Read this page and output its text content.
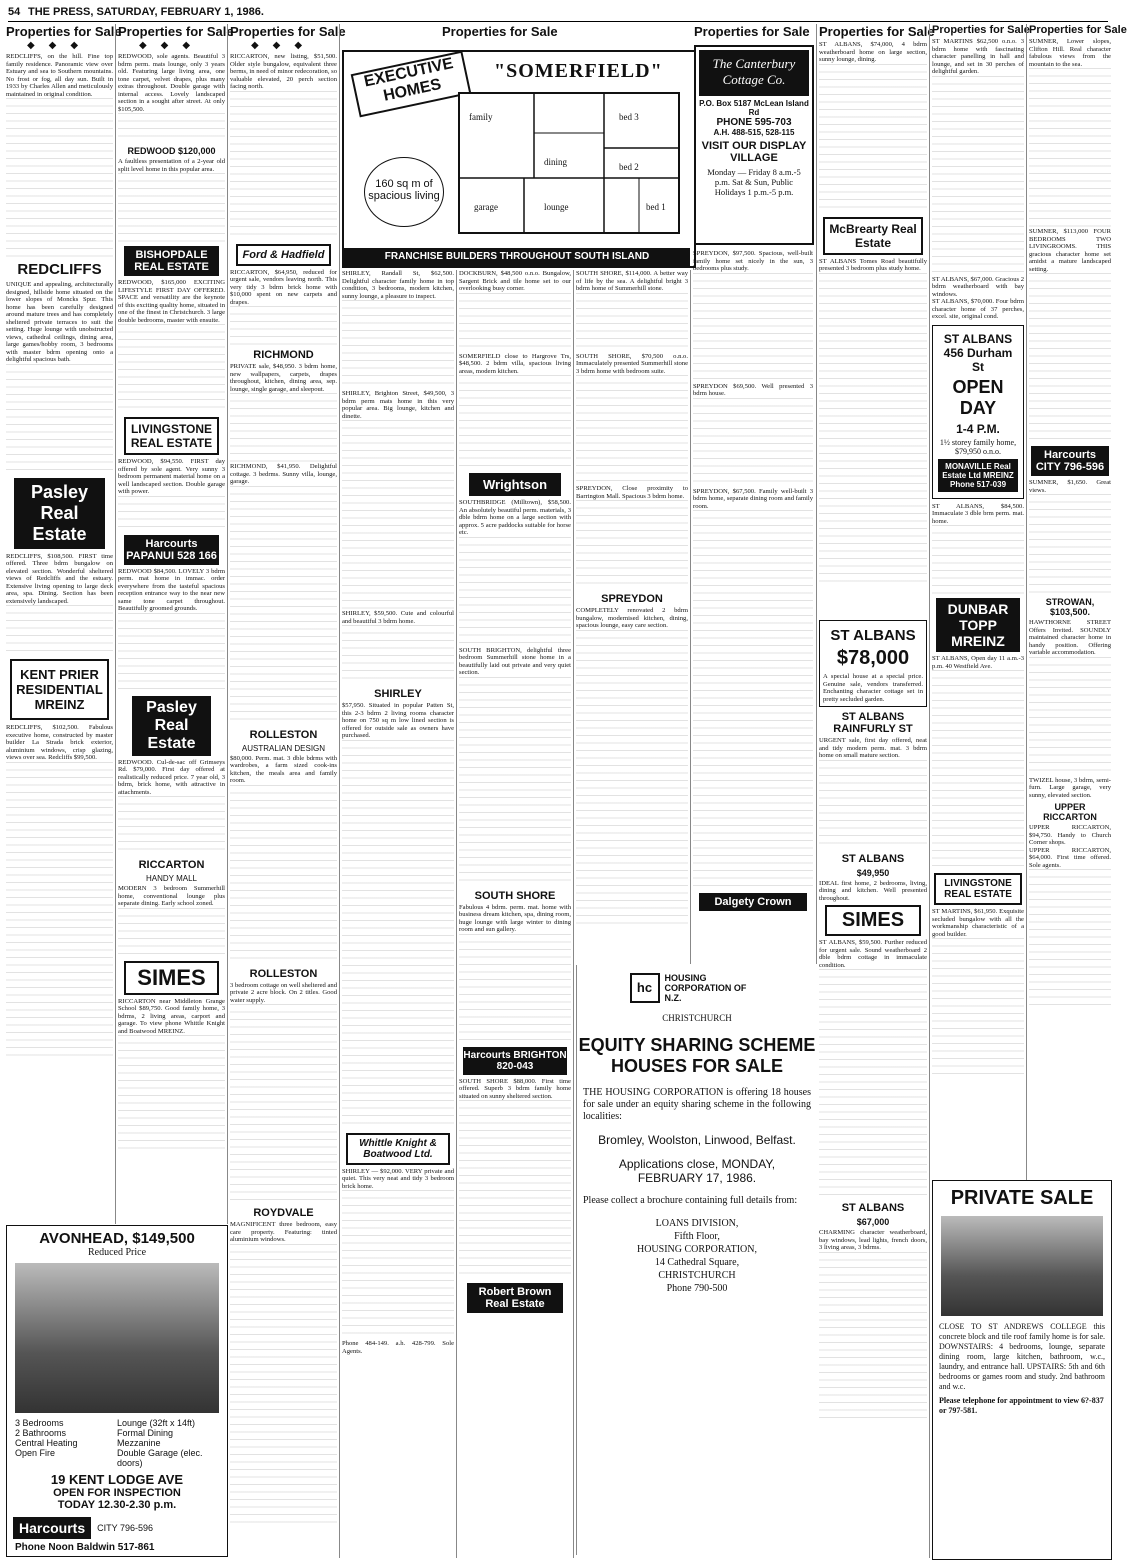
54 THE PRESS, SATURDAY, FEBRUARY 1, 1986.
Properties for Sale
◆◆◆
REDCLIFFS, on the hill. Fine top family residence. Panoramic view over Estuary and sea to Southern mountains. No frost or fog, all day sun. Built in 1933 by Charles Allen and meticulously maintained in original condition.
REDCLIFFS
UNIQUE and appealing, architecturally designed, hillside home situated on the lower slopes of Moncks Spur. This home has been carefully designed around mature trees and has completely sheltered private terraces to suit the setting. Huge lounge with unobstructed views, cathedral ceilings, dining area, large games/hobby room, 3 bedrooms with master bdrm opening onto a delightful spacious bath.
Pasley Real Estate
REDCLIFFS, $108,500. FIRST time offered. Three bdrm bungalow on elevated section. Wonderful sheltered views of Redcliffs and the estuary. Extensive living opening to large deck area, spa. Dining. Section has been extensively landscaped.
KENT PRIER RESIDENTIAL MREINZ
REDCLIFFS, $102,500. Fabulous executive home, constructed by master builder La Strada brick exterior, aluminium windows, crisp glazing, views over sea. Redcliffs $99,500.
AVONHEAD, $149,500
Reduced Price
3 Bedrooms
2 Bathrooms
Central Heating
Open Fire
Lounge (32ft x 14ft)
Formal Dining
Mezzanine
Double Garage (elec. doors)
19 KENT LODGE AVE
OPEN FOR INSPECTION
TODAY 12.30-2.30 p.m.
Harcourts	CITY 796-596
Phone Noon Baldwin 517-861
Properties for Sale
◆◆◆
REDWOOD, sole agents. Beautiful 3 bdrm perm. mats lounge, only 3 years old. Featuring large living area, one tone carpet, velvet drapes, plus many extras throughout. Double garage with internal access. Lovely landscaped section in a sought after street. At only $105,500.
REDWOOD $120,000
A faultless presentation of a 2-year old split level home in this popular area.
BISHOPDALE REAL ESTATE
REDWOOD, $165,000 EXCITING LIFESTYLE FIRST DAY OFFERED. SPACE and versatility are the keynote of this exciting quality home, situated in one of the finest in Christchurch. 3 large double bedrooms, master with ensuite.
LIVINGSTONE REAL ESTATE
REDWOOD, $94,550. FIRST day offered by sole agent. Very sunny 3 bedroom permanent material home on a well landscaped section. Double garage with power.
Harcourts PAPANUI 528 166
REDWOOD $84,500. LOVELY 3 bdrm perm. mat home in immac. order everywhere from the tasteful spacious reception entrance way to the near new same tone carpet throughout. Beautifully groomed grounds.
Pasley Real Estate
REDWOOD. Cul-de-sac off Grimseys Rd. $79,000. First day offered at realistically reduced price. 7 year old, 3 bdrm, brick home, with attractive in attachments.
RICCARTON
HANDY MALL
MODERN 3 bedroom Summerhill home, conventional lounge plus separate dining. Early school zoned.
SIMES
RICCARTON near Middleton Grange School $89,750. Good family home, 3 bdrms, 2 living areas, carport and garage. To view phone Whittle Knight and Boatwood MREINZ.
Properties for Sale
◆◆◆
RICCARTON, new listing, $51,500. Older style bungalow, equivalent three berms, in need of minor redecoration, so valuable elevated, 20 perch section facing north.
Ford & Hadfield
RICCARTON, $64,950, reduced for urgent sale, vendors leaving north. This very tidy 3 bdrm brick home with $10,000 spent on new carpets and drapes.
RICHMOND
PRIVATE sale, $48,950. 3 bdrm home, new wallpapers, carpets, drapes throughout, kitchen, dining area, sep. lounge, single garage, and sleepout.
RICHMOND, $41,950. Delightful cottage. 3 bedrms. Sunny villa, lounge, garage.
ROLLESTON
AUSTRALIAN DESIGN
$80,000. Perm. mat. 3 dble bdrms with wardrobes, a farm sized cook-ins kitchen, the meals area and family room.
ROLLESTON
3 bedroom cottage on well sheltered and private 2 acre block. On 2 titles. Good water supply.
ROYDVALE
MAGNIFICENT three bedroom, easy care property. Featuring: tinted aluminium windows.
Properties for Sale
EXECUTIVE HOMES
"SOMERFIELD"
160 sq m of spacious living
family	bed 3
bed 2
bed 1
dining
lounge
garage
FRANCHISE BUILDERS THROUGHOUT SOUTH ISLAND
Properties for Sale
The Canterbury Cottage Co.
P.O. Box 5187 McLean Island Rd
PHONE 595-703
A.H. 488-515, 528-115
VISIT OUR DISPLAY VILLAGE
Monday — Friday 8 a.m.-5 p.m. Sat & Sun, Public Holidays 1 p.m.-5 p.m.
SHIRLEY, Randall St, $62,500. Delightful character family home in top condition, 3 bedrooms, modern kitchen, sunny lounge, a pleasure to inspect.
SHIRLEY, Brighton Street, $49,500, 3 bdrm perm mats home in this very popular area. Big lounge, kitchen and dinette.
SHIRLEY, $59,500. Cute and colourful and beautiful 3 bdrm home.
SHIRLEY
$57,950. Situated in popular Patten St, this 2-3 bdrm 2 living rooms character home on 750 sq m low lined section is offered for outside sale as owners have purchased.
Whittle Knight & Boatwood Ltd.
SHIRLEY — $92,000. VERY private and quiet. This very neat and tidy 3 bedroom brick home.
Phone 484-149. a.h. 428-799. Sole Agents.
DOCKBURN, $48,500 o.n.o. Bungalow, Sargent Brick and tile home set to our overlooking busy corner.
SOMERFIELD close to Hargrove Trs, $48,500. 2 bdrm villa, spacious living areas, modern kitchen.
Wrightson
SOUTHBRIDGE (Milltown), $58,500. An absolutely beautiful perm. materials, 3 dble bdrm home on a large section with approx. 5 acre paddocks suitable for horse etc.
SOUTH BRIGHTON, delightful three bedroom Summerhill stone home in a beautifully laid out private and very quiet section.
SOUTH SHORE
Fabulous 4 bdrm. perm. mat. home with business dream kitchen, spa, dining room, huge lounge with large winter to dining room and sun gallery.
Harcourts BRIGHTON 820-043
SOUTH SHORE $88,000. First time offered. Superb 3 bdrm family home situated on sunny sheltered section.
Robert Brown Real Estate
SOUTH SHORE, $114,000. A better way of life by the sea. A delightful bright 3 bdrm home of Summerhill stone.
SOUTH SHORE, $70,500 o.n.o. Immaculately presented Summerhill stone 3 bdrm home with bedroom suite.
SPREYDON, Close proximity to Barrington Mall. Spacious 3 bdrm home.
SPREYDON
COMPLETELY renovated 2 bdrm bungalow, modernised kitchen, dining, spacious lounge, easy care section.
SPREYDON, $97,500. Spacious, well-built family home set nicely in the sun, 3 bedrooms plus study.
SPREYDON $69,500. Well presented 3 bdrm house.
SPREYDON, $67,500. Family well-built 3 bdrm home, separate dining room and family room.
Dalgety Crown
hc
HOUSING CORPORATION OF N.Z.
CHRISTCHURCH
EQUITY SHARING SCHEME
HOUSES FOR SALE
THE HOUSING CORPORATION is offering 18 houses for sale under an equity sharing scheme in the following localities:
Bromley, Woolston, Linwood, Belfast.
Applications close, MONDAY, FEBRUARY 17, 1986.
Please collect a brochure containing full details from:
LOANS DIVISION,
Fifth Floor,
HOUSING CORPORATION,
14 Cathedral Square,
CHRISTCHURCH
Phone 790-500
Properties for Sale
ST ALBANS, $74,000, 4 bdrm weatherboard home on large section, sunny lounge, dining.
McBrearty Real Estate
ST ALBANS Tomes Road beautifully presented 3 bedroom plus study home.
ST ALBANS
$78,000
A special house at a special price. Genuine sale, vendors transferred. Enchanting character cottage set in pretty secluded garden.
ST ALBANS RAINFURLY ST
URGENT sale, first day offered, neat and tidy modern perm. mat. 3 bdrm home on small mature section.
ST ALBANS
$49,950
IDEAL first home, 2 bedrooms, living, dining and kitchen. Well presented throughout.
SIMES
ST ALBANS, $59,500. Further reduced for urgent sale. Sound weatherboard 2 dble bdrm cottage in immaculate condition.
ST ALBANS
$67,000
CHARMING character weatherboard, bay windows, lead lights, french doors, 3 living areas, 3 bdrms.
Properties for Sale
ST MARTINS $62,500 o.n.o. 3 bdrm home with fascinating character panelling in hall and lounge, and set in 30 perches of delightful garden.
ST ALBANS, $67,000. Gracious 2 bdrm weatherboard with bay windows.
ST ALBANS, $70,000. Four bdrm character home of 37 perches, excel. site, original cond.
ST ALBANS 456 Durham St
OPEN DAY
1-4 P.M.
1½ storey family home, $79,950 o.n.o.
MONAVILLE Real Estate Ltd MREINZ Phone 517-039
ST ALBANS, $84,500. Immaculate 3 dble brm perm. mat. home.
DUNBAR TOPP MREINZ
ST ALBANS, Open day 11 a.m.-3 p.m. 40 Westfield Ave.
LIVINGSTONE REAL ESTATE
ST MARTINS, $61,950. Exquisite secluded bungalow with all the workmanship characteristic of a good builder.
Properties for Sale
SUMNER, Lower slopes, Clifton Hill. Real character fabulous views from the mountain to the sea.
SUMNER, $113,000 FOUR BEDROOMS TWO LIVINGROOMS. THIS gracious character home set amidst a mature landscaped setting.
Harcourts CITY 796-596
SUMNER, $1,650. Great views.
STROWAN, $103,500.
HAWTHORNE STREET Offers Invited. SOUNDLY maintained character home in handy position. Offering variable accommodation.
TWIZEL house, 3 bdrm, semi-furn. Large garage, very sunny, elevated section.
UPPER RICCARTON
UPPER RICCARTON, $94,750. Handy to Church Corner shops.
UPPER RICCARTON, $64,000. First time offered. Sole agents.
PRIVATE SALE
CLOSE TO ST ANDREWS COLLEGE this concrete block and tile roof family home is for sale. DOWNSTAIRS: 4 bedrooms, lounge, separate dining room, large kitchen, bathroom, w.c., laundry, and entrance hall. UPSTAIRS: 5th and 6th bedrooms or games room and study. 2nd bathroom and w.c.
Please telephone for appointment to view 6?-837 or 797-581.
